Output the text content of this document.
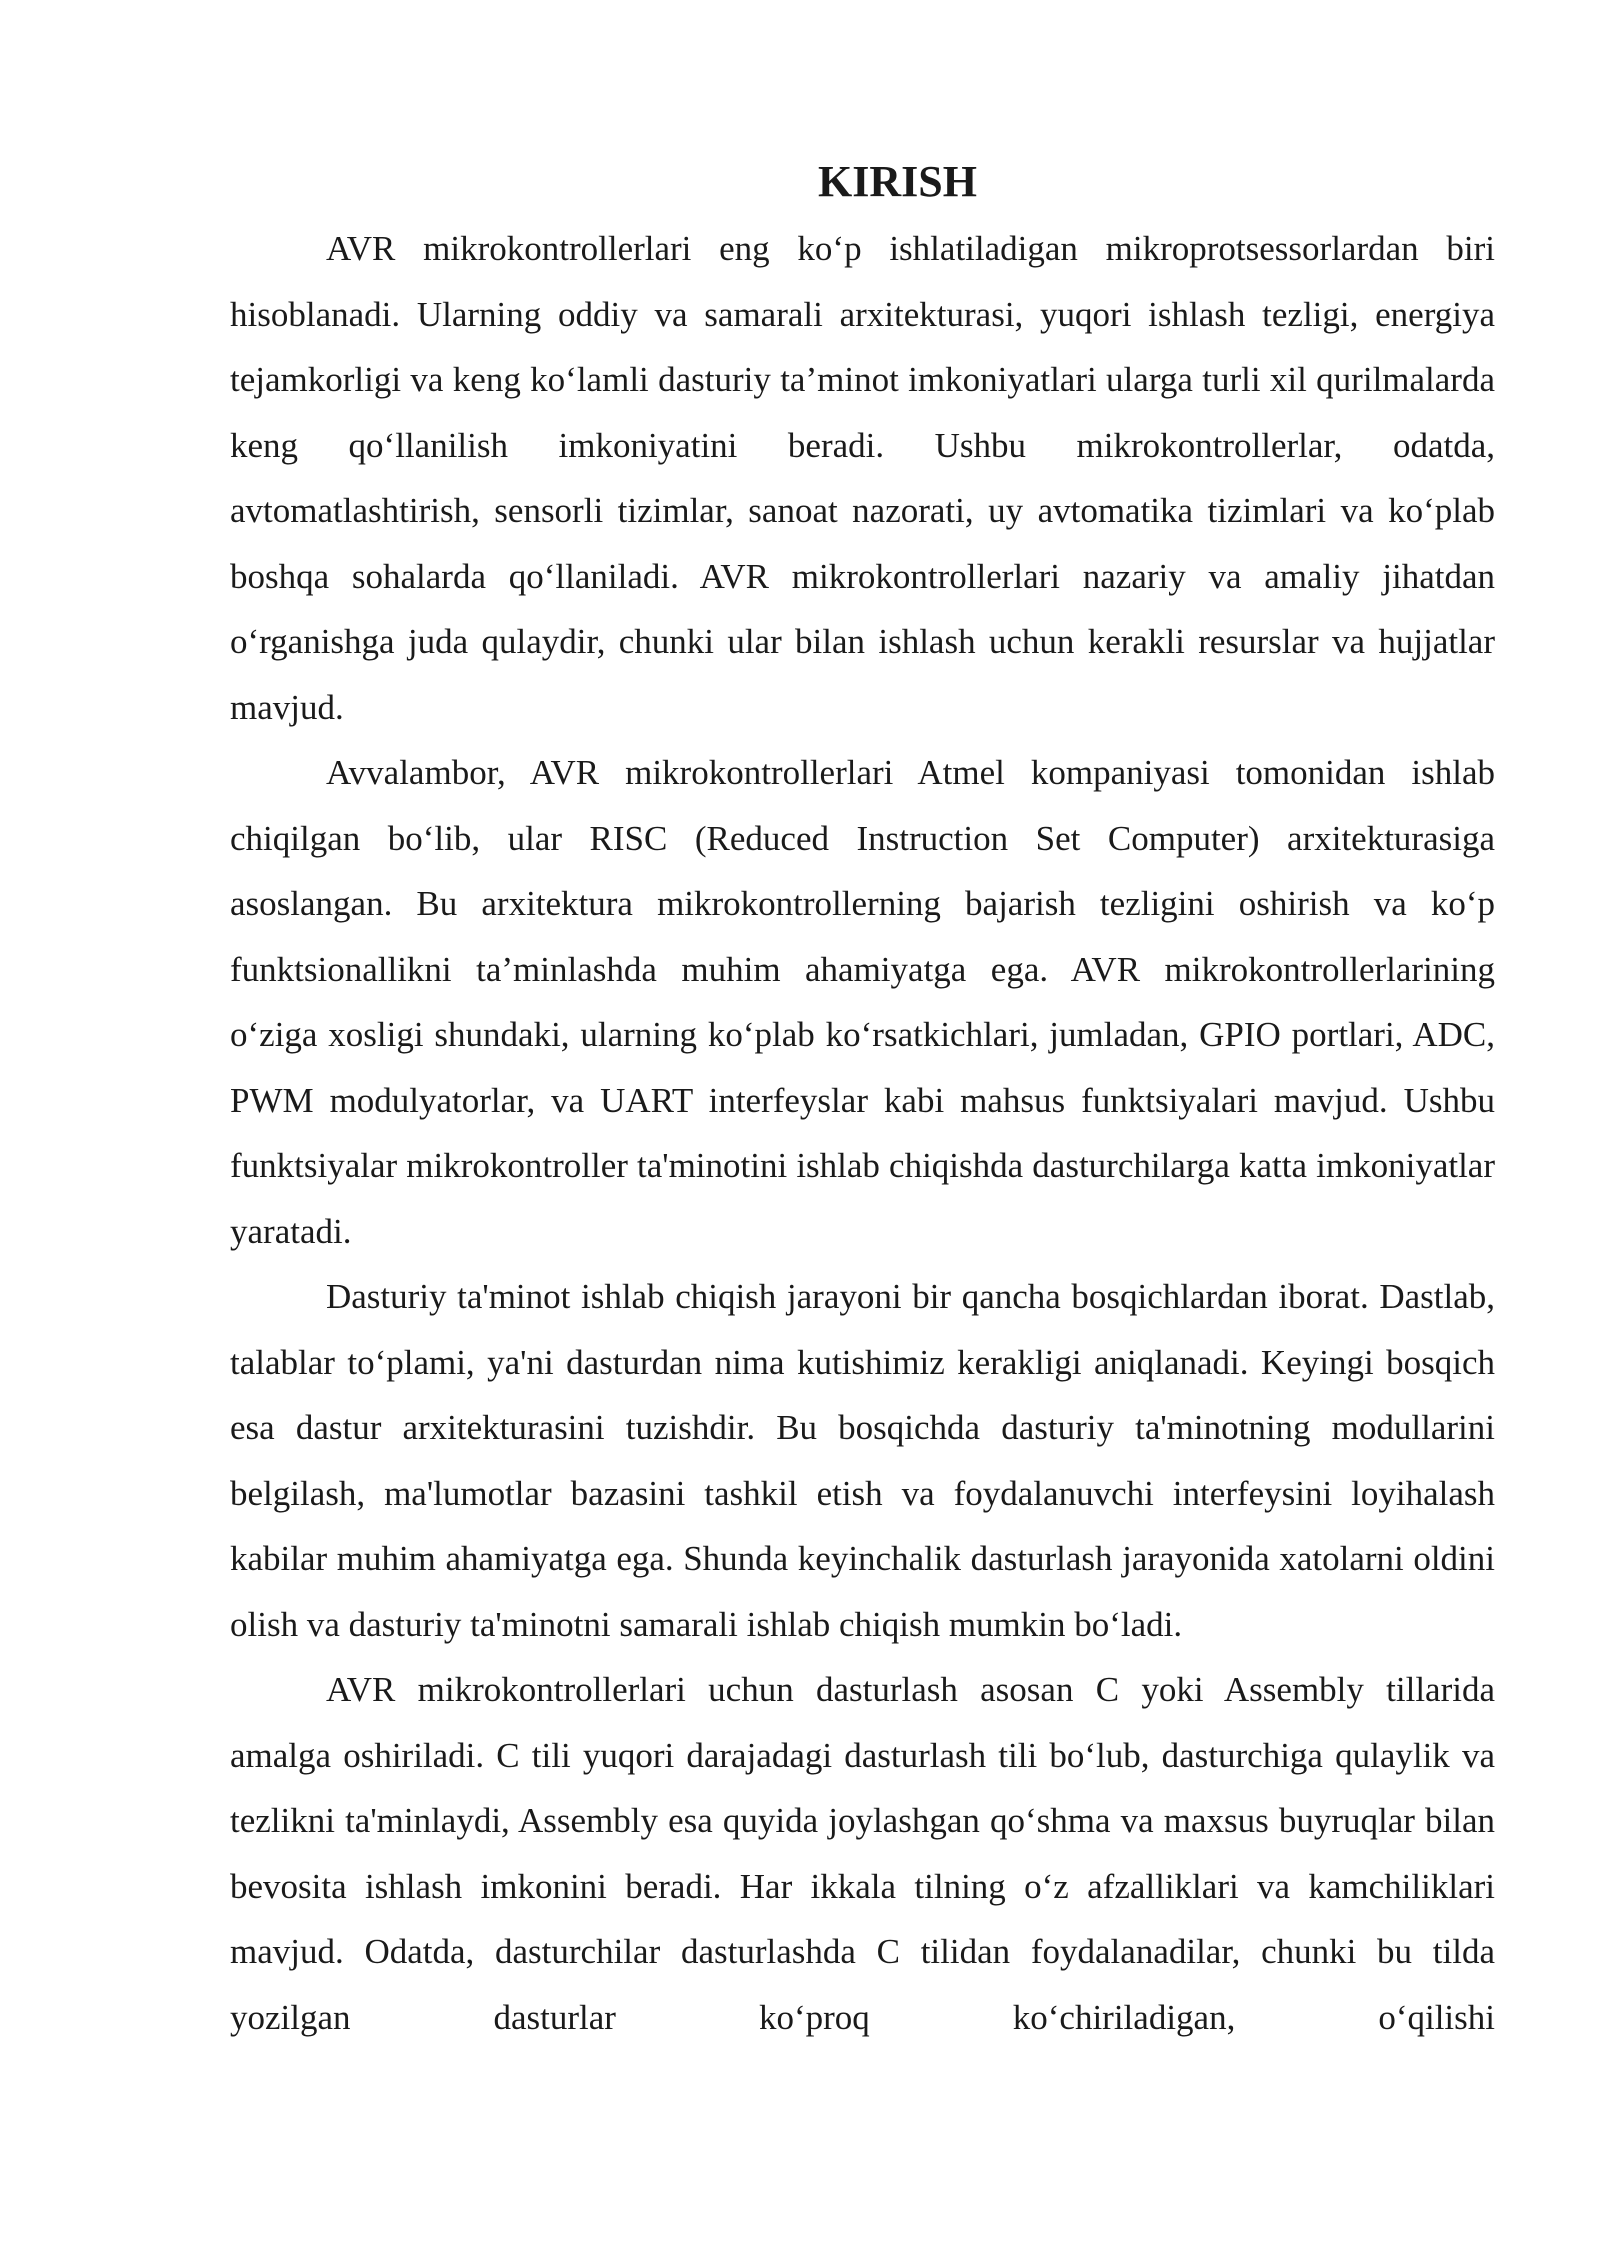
KIRISH

AVR mikrokontrollerlari eng ko‘p ishlatiladigan mikroprotsessorlardan biri hisoblanadi. Ularning oddiy va samarali arxitekturasi, yuqori ishlash tezligi, energiya tejamkorligi va keng ko‘lamli dasturiy ta’minot imkoniyatlari ularga turli xil qurilmalarda keng qo‘llanilish imkoniyatini beradi. Ushbu mikrokontrollerlar, odatda, avtomatlashtirish, sensorli tizimlar, sanoat nazorati, uy avtomatika tizimlari va ko‘plab boshqa sohalarda qo‘llaniladi. AVR mikrokontrollerlari nazariy va amaliy jihatdan o‘rganishga juda qulaydir, chunki ular bilan ishlash uchun kerakli resurslar va hujjatlar mavjud.

Avvalambor, AVR mikrokontrollerlari Atmel kompaniyasi tomonidan ishlab chiqilgan bo‘lib, ular RISC (Reduced Instruction Set Computer) arxitekturasiga asoslangan. Bu arxitektura mikrokontrollerning bajarish tezligini oshirish va ko‘p funktsionallikni ta’minlashda muhim ahamiyatga ega. AVR mikrokontrollerlarining o‘ziga xosligi shundaki, ularning ko‘plab ko‘rsatkichlari, jumladan, GPIO portlari, ADC, PWM modulyatorlar, va UART interfeyslar kabi mahsus funktsiyalari mavjud. Ushbu funktsiyalar mikrokontroller ta'minotini ishlab chiqishda dasturchilarga katta imkoniyatlar yaratadi.

Dasturiy ta'minot ishlab chiqish jarayoni bir qancha bosqichlardan iborat. Dastlab, talablar to‘plami, ya'ni dasturdan nima kutishimiz kerakligi aniqlanadi. Keyingi bosqich esa dastur arxitekturasini tuzishdir. Bu bosqichda dasturiy ta'minotning modullarini belgilash, ma'lumotlar bazasini tashkil etish va foydalanuvchi interfeysini loyihalash kabilar muhim ahamiyatga ega. Shunda keyinchalik dasturlash jarayonida xatolarni oldini olish va dasturiy ta'minotni samarali ishlab chiqish mumkin bo‘ladi.

AVR mikrokontrollerlari uchun dasturlash asosan C yoki Assembly tillarida amalga oshiriladi. C tili yuqori darajadagi dasturlash tili bo‘lub, dasturchiga qulaylik va tezlikni ta'minlaydi, Assembly esa quyida joylashgan qo‘shma va maxsus buyruqlar bilan bevosita ishlash imkonini beradi. Har ikkala tilning o‘z afzalliklari va kamchiliklari mavjud. Odatda, dasturchilar dasturlashda C tilidan foydalanadilar, chunki bu tilda yozilgan dasturlar ko‘proq ko‘chiriladigan, o‘qilishi
